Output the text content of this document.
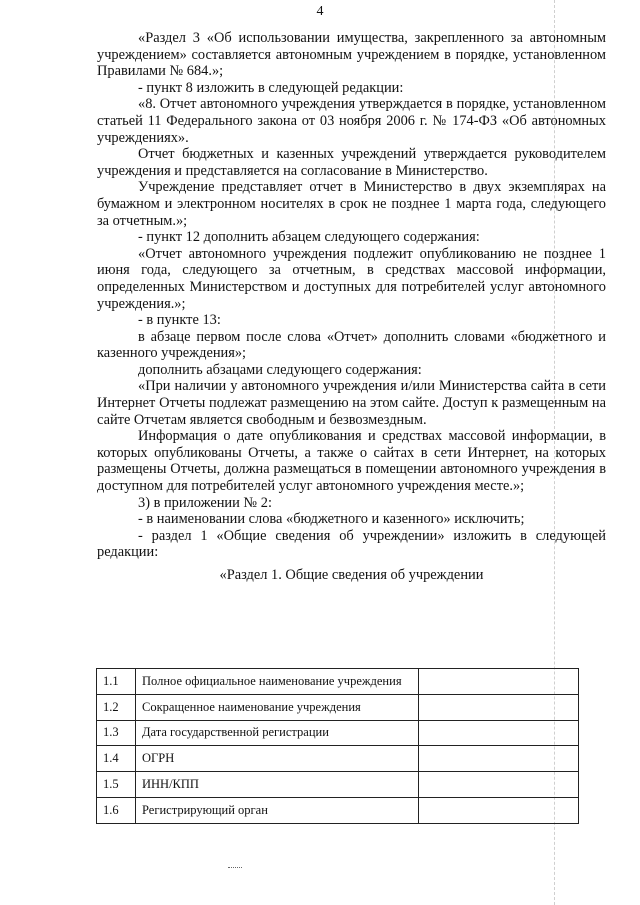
4

«Раздел 3 «Об использовании имущества, закрепленного за автономным учреждением» составляется автономным учреждением в порядке, установленном Правилами № 684.»;

- пункт 8 изложить в следующей редакции:

«8. Отчет автономного учреждения утверждается в порядке, установленном статьей 11 Федерального закона от 03 ноября 2006 г. № 174-ФЗ «Об автономных учреждениях».

Отчет бюджетных и казенных учреждений утверждается руководителем учреждения и представляется на согласование в Министерство.

Учреждение представляет отчет в Министерство в двух экземплярах на бумажном и электронном носителях в срок не позднее 1 марта года, следующего за отчетным.»;

- пункт 12 дополнить абзацем следующего содержания:

«Отчет автономного учреждения подлежит опубликованию не позднее 1 июня года, следующего за отчетным, в средствах массовой информации, определенных Министерством и доступных для потребителей услуг автономного учреждения.»;

- в пункте 13:

в абзаце первом после слова «Отчет» дополнить словами «бюджетного и казенного учреждения»;

дополнить абзацами следующего содержания:

«При наличии у автономного учреждения и/или Министерства сайта в сети Интернет Отчеты подлежат размещению на этом сайте. Доступ к размещенным на сайте Отчетам является свободным и безвозмездным.

Информация о дате опубликования и средствах массовой информации, в которых опубликованы Отчеты, а также о сайтах в сети Интернет, на которых размещены Отчеты, должна размещаться в помещении автономного учреждения в доступном для потребителей услуг автономного учреждения месте.»;

3) в приложении № 2:

- в наименовании слова «бюджетного и казенного» исключить;

- раздел 1 «Общие сведения об учреждении» изложить в следующей редакции:

«Раздел 1. Общие сведения об учреждении

1.1	Полное официальное наименование учреждения	
1.2	Сокращенное наименование учреждения	
1.3	Дата государственной регистрации	
1.4	ОГРН	
1.5	ИНН/КПП	
1.6	Регистрирующий орган	
